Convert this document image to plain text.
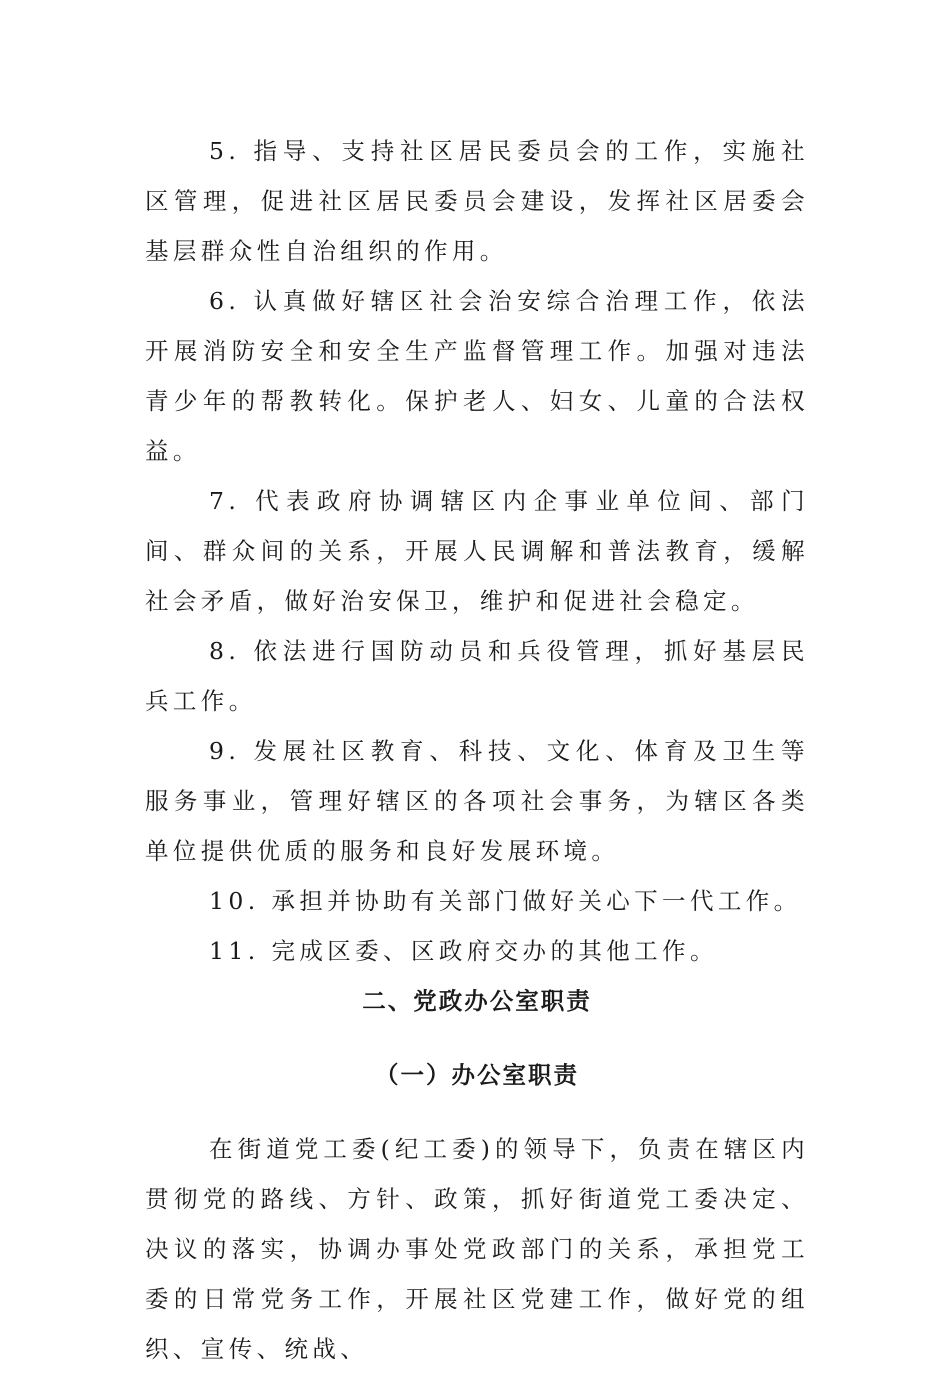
5. 指导、支持社区居民委员会的工作，实施社区管理，促进社区居民委员会建设，发挥社区居委会基层群众性自治组织的作用。

6. 认真做好辖区社会治安综合治理工作，依法开展消防安全和安全生产监督管理工作。加强对违法青少年的帮教转化。保护老人、妇女、儿童的合法权益。

7. 代表政府协调辖区内企事业单位间、部门间、群众间的关系，开展人民调解和普法教育，缓解社会矛盾，做好治安保卫，维护和促进社会稳定。

8. 依法进行国防动员和兵役管理，抓好基层民兵工作。

9. 发展社区教育、科技、文化、体育及卫生等服务事业，管理好辖区的各项社会事务，为辖区各类单位提供优质的服务和良好发展环境。

10. 承担并协助有关部门做好关心下一代工作。

11. 完成区委、区政府交办的其他工作。

二、党政办公室职责

（一）办公室职责

在街道党工委(纪工委)的领导下，负责在辖区内贯彻党的路线、方针、政策，抓好街道党工委决定、决议的落实，协调办事处党政部门的关系，承担党工委的日常党务工作，开展社区党建工作，做好党的组织、宣传、统战、
